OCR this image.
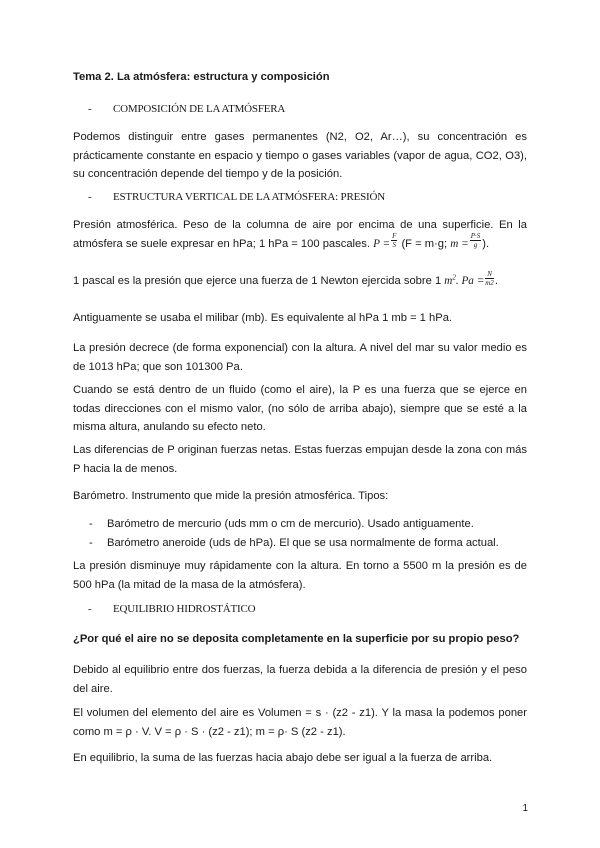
Tema 2. La atmósfera: estructura y composición
- COMPOSICIÓN DE LA ATMÓSFERA
Podemos distinguir entre gases permanentes (N2, O2, Ar…), su concentración es prácticamente constante en espacio y tiempo o gases variables (vapor de agua, CO2, O3), su concentración depende del tiempo y de la posición.
- ESTRUCTURA VERTICAL DE LA ATMÓSFERA: PRESIÓN
Presión atmosférica. Peso de la columna de aire por encima de una superficie. En la atmósfera se suele expresar en hPa; 1 hPa = 100 pascales. $P = \frac{F}{S} (F = m\cdot g$; $m = \frac{P\cdot S}{g}$ ).
1 pascal es la presión que ejerce una fuerza de 1 Newton ejercida sobre 1 $m^2$. $Pa = \frac{N}{m2}$ .
Antiguamente se usaba el milibar (mb). Es equivalente al hPa 1 mb = 1 hPa.
La presión decrece (de forma exponencial) con la altura. A nivel del mar su valor medio es de 1013 hPa; que son 101300 Pa.
Cuando se está dentro de un fluido (como el aire), la P es una fuerza que se ejerce en todas direcciones con el mismo valor, (no sólo de arriba abajo), siempre que se esté a la misma altura, anulando su efecto neto.
Las diferencias de P originan fuerzas netas. Estas fuerzas empujan desde la zona con más P hacia la de menos.
Barómetro. Instrumento que mide la presión atmosférica. Tipos:
- Barómetro de mercurio (uds mm o cm de mercurio). Usado antiguamente.
- Barómetro aneroide (uds de hPa). El que se usa normalmente de forma actual.
La presión disminuye muy rápidamente con la altura. En torno a 5500 m la presión es de 500 hPa (la mitad de la masa de la atmósfera).
- EQUILIBRIO HIDROSTÁTICO
¿Por qué el aire no se deposita completamente en la superficie por su propio peso?
Debido al equilibrio entre dos fuerzas, la fuerza debida a la diferencia de presión y el peso del aire.
El volumen del elemento del aire es Volumen = s · (z2 - z1). Y la masa la podemos poner como m = ρ · V. V = ρ · S · (z2 - z1); m = ρ· S (z2 - z1).
En equilibrio, la suma de las fuerzas hacia abajo debe ser igual a la fuerza de arriba.
1
